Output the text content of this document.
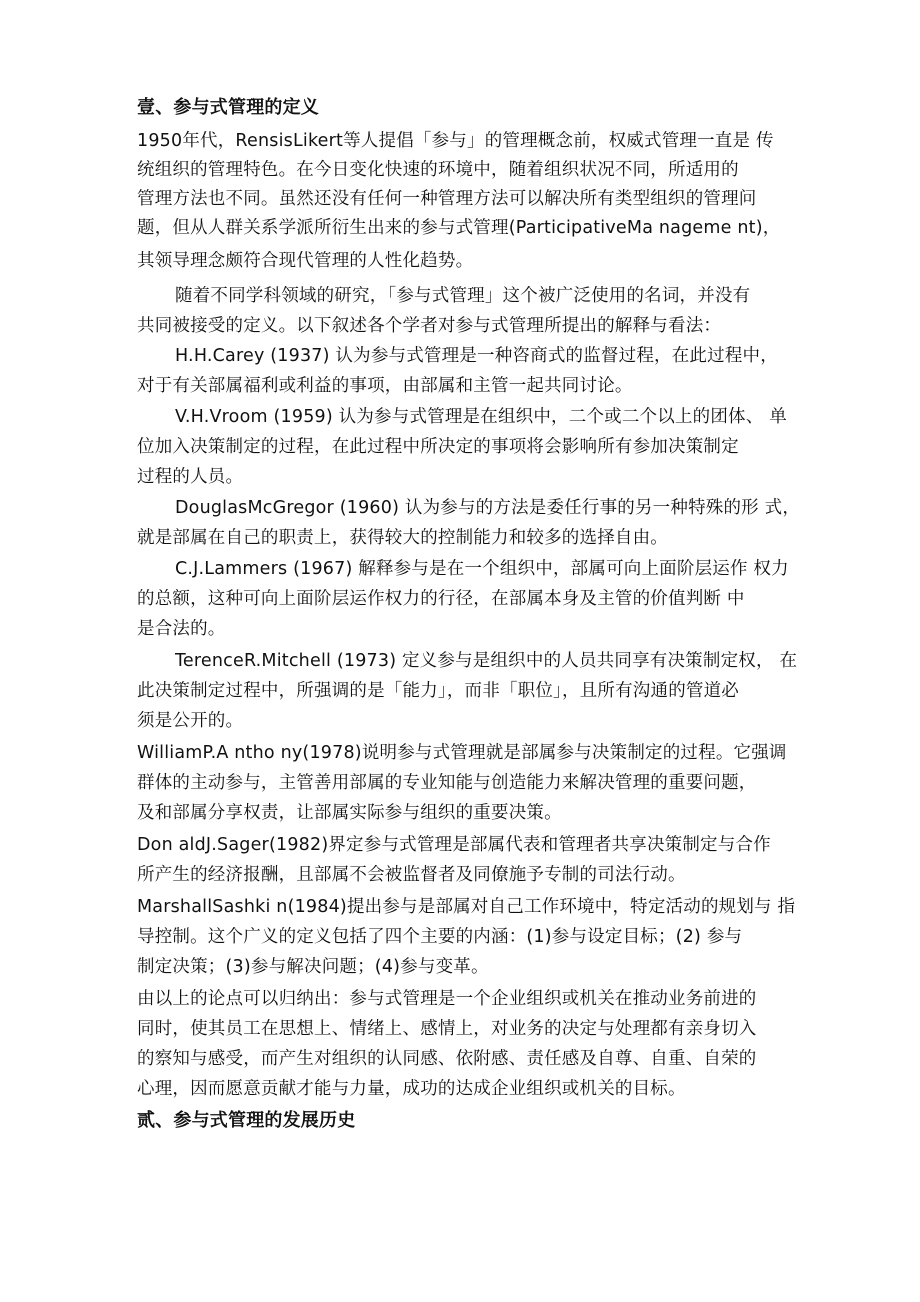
壹、参与式管理的定义
1950年代，RensisLikert等人提倡「参与」的管理概念前，权威式管理一直是 传
统组织的管理特色。在今日变化快速的环境中，随着组织状况不同，所适用的
管理方法也不同。虽然还没有任何一种管理方法可以解决所有类型组织的管理问
题，但从人群关系学派所衍生出来的参与式管理(ParticipativeMa nageme nt)，
其领导理念颇符合现代管理的人性化趋势。
随着不同学科领域的研究，「参与式管理」这个被广泛使用的名词，并没有
共同被接受的定义。以下叙述各个学者对参与式管理所提出的解释与看法：
H.H.Carey (1937) 认为参与式管理是一种咨商式的监督过程，在此过程中，
对于有关部属福利或利益的事项，由部属和主管一起共同讨论。
V.H.Vroom (1959) 认为参与式管理是在组织中，二个或二个以上的团体、 单
位加入决策制定的过程，在此过程中所决定的事项将会影响所有参加决策制定
过程的人员。
DouglasMcGregor (1960) 认为参与的方法是委任行事的另一种特殊的形 式，
就是部属在自己的职责上，获得较大的控制能力和较多的选择自由。
C.J.Lammers (1967) 解释参与是在一个组织中，部属可向上面阶层运作 权力
的总额，这种可向上面阶层运作权力的行径，在部属本身及主管的价值判断 中
是合法的。
TerenceR.Mitchell (1973) 定义参与是组织中的人员共同享有决策制定权， 在
此决策制定过程中，所强调的是「能力」，而非「职位」，且所有沟通的管道必
须是公开的。
WilliamP.A ntho ny(1978)说明参与式管理就是部属参与决策制定的过程。它强调
群体的主动参与，主管善用部属的专业知能与创造能力来解决管理的重要问题，
及和部属分享权责，让部属实际参与组织的重要决策。
Don aldJ.Sager(1982)界定参与式管理是部属代表和管理者共享决策制定与合作
所产生的经济报酬，且部属不会被监督者及同僚施予专制的司法行动。
MarshallSashki n(1984)提出参与是部属对自己工作环境中，特定活动的规划与 指
导控制。这个广义的定义包括了四个主要的内涵：(1)参与设定目标；(2) 参与
制定决策；(3)参与解决问题；(4)参与变革。
由以上的论点可以归纳出：参与式管理是一个企业组织或机关在推动业务前进的
同时，使其员工在思想上、情绪上、感情上，对业务的决定与处理都有亲身切入
的察知与感受，而产生对组织的认同感、依附感、责任感及自尊、自重、自荣的
心理，因而愿意贡献才能与力量，成功的达成企业组织或机关的目标。
贰、参与式管理的发展历史
